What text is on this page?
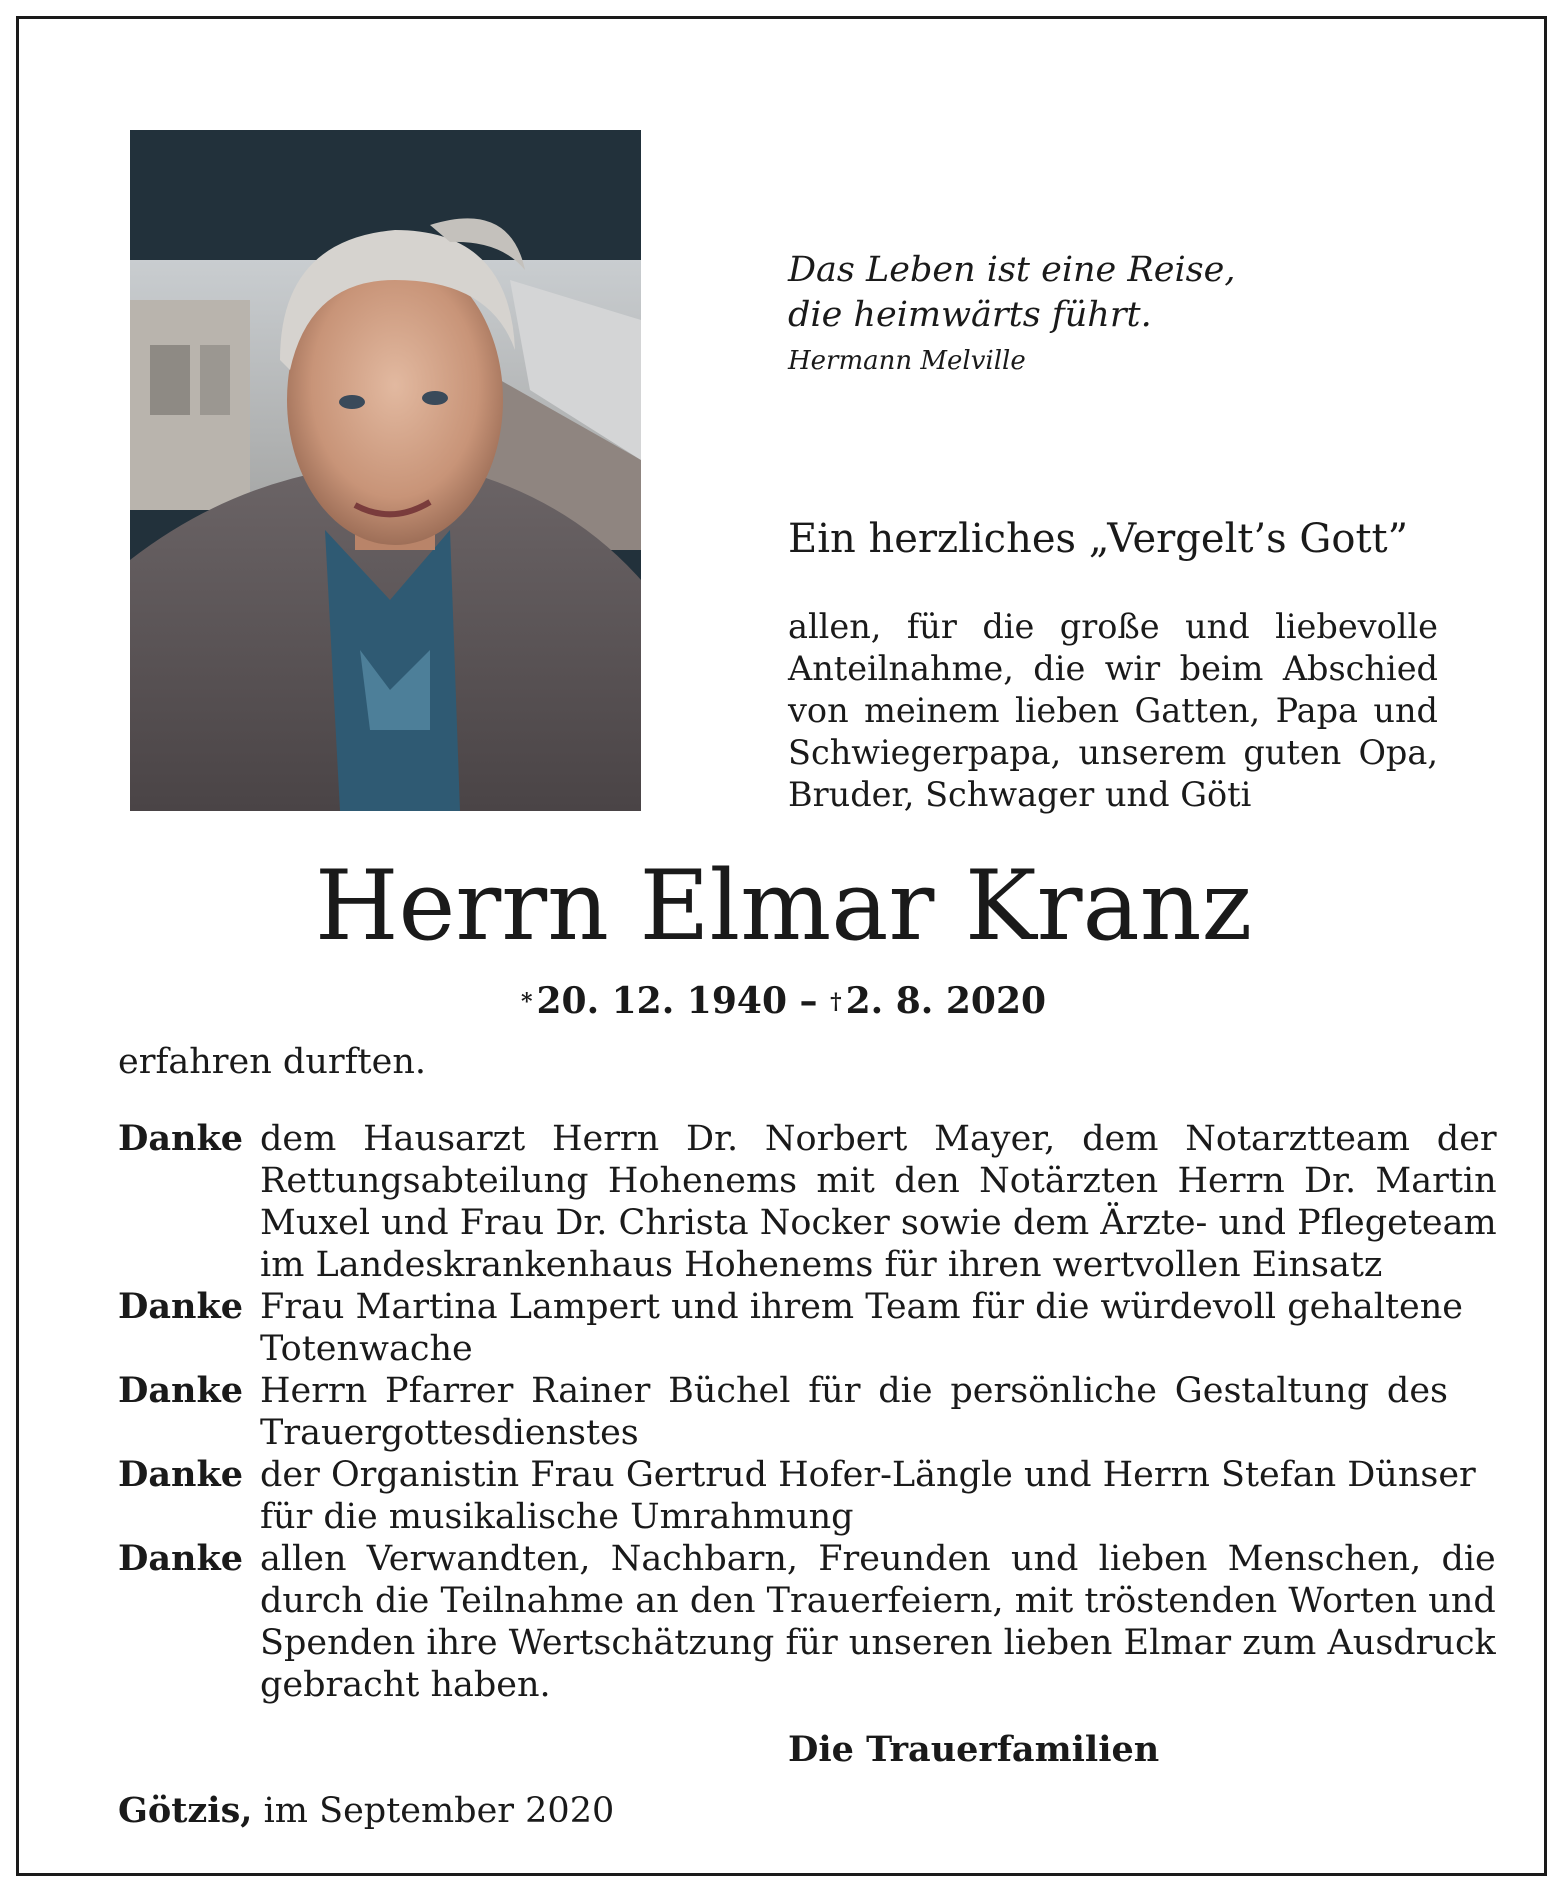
Das Leben ist eine Reise,
die heimwärts führt.
Hermann Melville
Ein herzliches „Vergelt’s Gott”
allen, für die große und liebevolle
Anteilnahme, die wir beim Abschied
von meinem lieben Gatten, Papa und
Schwiegerpapa, unserem guten Opa,
Bruder, Schwager und Göti
Herrn Elmar Kranz
* 20. 12. 1940 – † 2. 8. 2020
erfahren durften.
Danke dem Hausarzt Herrn Dr. Norbert Mayer, dem Notarztteam der
Rettungsabteilung Hohenems mit den Notärzten Herrn Dr. Martin
Muxel und Frau Dr. Christa Nocker sowie dem Ärzte- und Pflegeteam
im Landeskrankenhaus Hohenems für ihren wertvollen Einsatz
Danke Frau Martina Lampert und ihrem Team für die würdevoll gehaltene
Totenwache
Danke Herrn Pfarrer Rainer Büchel für die persönliche Gestaltung des
Trauergottesdienstes
Danke der Organistin Frau Gertrud Hofer-Längle und Herrn Stefan Dünser
für die musikalische Umrahmung
Danke allen Verwandten, Nachbarn, Freunden und lieben Menschen, die
durch die Teilnahme an den Trauerfeiern, mit tröstenden Worten und
Spenden ihre Wertschätzung für unseren lieben Elmar zum Ausdruck
gebracht haben.
Die Trauerfamilien
Götzis, im September 2020
